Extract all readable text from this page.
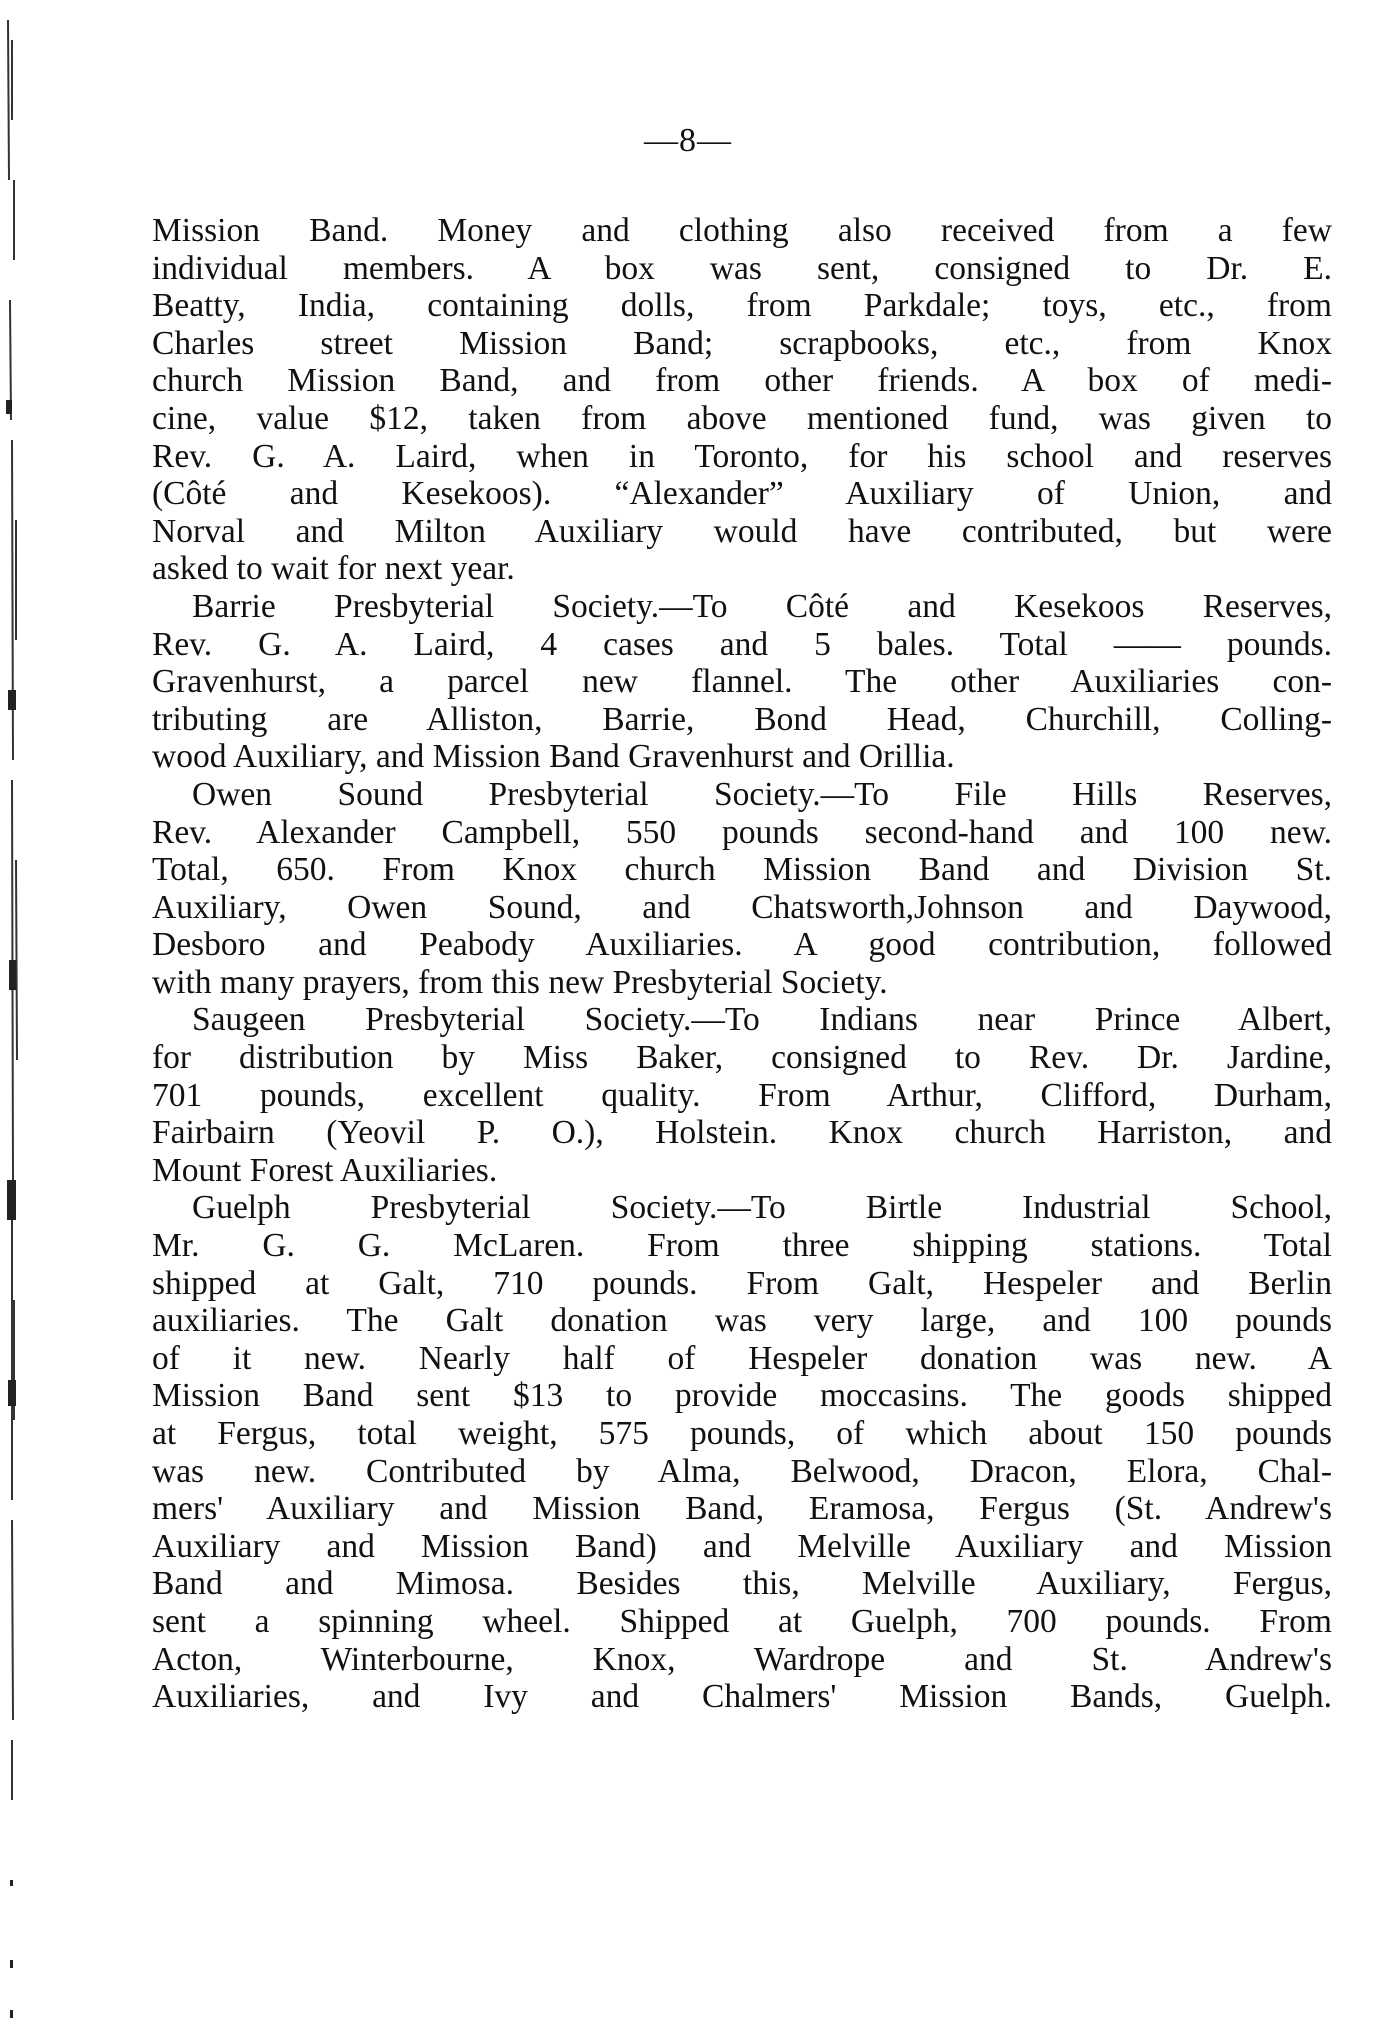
—8—
Mission Band. Money and clothing also received from a few
individual members. A box was sent, consigned to Dr. E.
Beatty, India, containing dolls, from Parkdale; toys, etc., from
Charles street Mission Band; scrapbooks, etc., from Knox
church Mission Band, and from other friends. A box of medi-
cine, value $12, taken from above mentioned fund, was given to
Rev. G. A. Laird, when in Toronto, for his school and reserves
(Côté and Kesekoos). “Alexander” Auxiliary of Union, and
Norval and Milton Auxiliary would have contributed, but were
asked to wait for next year.
Barrie Presbyterial Society.—To Côté and Kesekoos Reserves,
Rev. G. A. Laird, 4 cases and 5 bales. Total —— pounds.
Gravenhurst, a parcel new flannel. The other Auxiliaries con-
tributing are Alliston, Barrie, Bond Head, Churchill, Colling-
wood Auxiliary, and Mission Band Gravenhurst and Orillia.
Owen Sound Presbyterial Society.—To File Hills Reserves,
Rev. Alexander Campbell, 550 pounds second-hand and 100 new.
Total, 650. From Knox church Mission Band and Division St.
Auxiliary, Owen Sound, and Chatsworth,Johnson and Daywood,
Desboro and Peabody Auxiliaries. A good contribution, followed
with many prayers, from this new Presbyterial Society.
Saugeen Presbyterial Society.—To Indians near Prince Albert,
for distribution by Miss Baker, consigned to Rev. Dr. Jardine,
701 pounds, excellent quality. From Arthur, Clifford, Durham,
Fairbairn (Yeovil P. O.), Holstein. Knox church Harriston, and
Mount Forest Auxiliaries.
Guelph Presbyterial Society.—To Birtle Industrial School,
Mr. G. G. McLaren. From three shipping stations. Total
shipped at Galt, 710 pounds. From Galt, Hespeler and Berlin
auxiliaries. The Galt donation was very large, and 100 pounds
of it new. Nearly half of Hespeler donation was new. A
Mission Band sent $13 to provide moccasins. The goods shipped
at Fergus, total weight, 575 pounds, of which about 150 pounds
was new. Contributed by Alma, Belwood, Dracon, Elora, Chal-
mers' Auxiliary and Mission Band, Eramosa, Fergus (St. Andrew's
Auxiliary and Mission Band) and Melville Auxiliary and Mission
Band and Mimosa. Besides this, Melville Auxiliary, Fergus,
sent a spinning wheel. Shipped at Guelph, 700 pounds. From
Acton, Winterbourne, Knox, Wardrope and St. Andrew's
Auxiliaries, and Ivy and Chalmers' Mission Bands, Guelph.
